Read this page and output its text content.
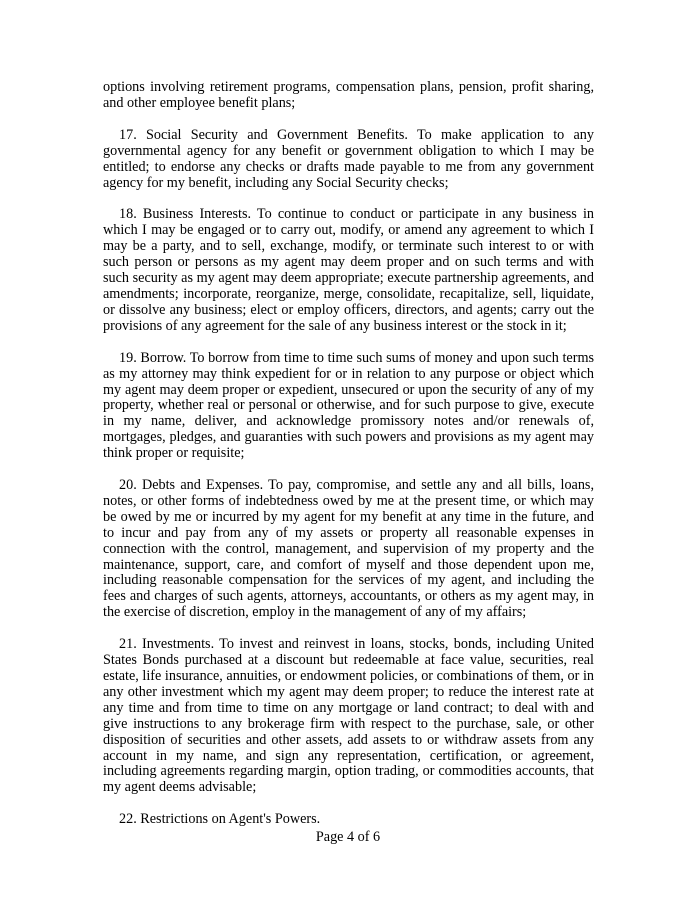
options involving retirement programs, compensation plans, pension, profit sharing, and other employee benefit plans;

17. Social Security and Government Benefits. To make application to any governmental agency for any benefit or government obligation to which I may be entitled; to endorse any checks or drafts made payable to me from any government agency for my benefit, including any Social Security checks;

18. Business Interests. To continue to conduct or participate in any business in which I may be engaged or to carry out, modify, or amend any agreement to which I may be a party, and to sell, exchange, modify, or terminate such interest to or with such person or persons as my agent may deem proper and on such terms and with such security as my agent may deem appropriate; execute partnership agreements, and amendments; incorporate, reorganize, merge, consolidate, recapitalize, sell, liquidate, or dissolve any business; elect or employ officers, directors, and agents; carry out the provisions of any agreement for the sale of any business interest or the stock in it;

19. Borrow. To borrow from time to time such sums of money and upon such terms as my attorney may think expedient for or in relation to any purpose or object which my agent may deem proper or expedient, unsecured or upon the security of any of my property, whether real or personal or otherwise, and for such purpose to give, execute in my name, deliver, and acknowledge promissory notes and/or renewals of, mortgages, pledges, and guaranties with such powers and provisions as my agent may think proper or requisite;

20. Debts and Expenses. To pay, compromise, and settle any and all bills, loans, notes, or other forms of indebtedness owed by me at the present time, or which may be owed by me or incurred by my agent for my benefit at any time in the future, and to incur and pay from any of my assets or property all reasonable expenses in connection with the control, management, and supervision of my property and the maintenance, support, care, and comfort of myself and those dependent upon me, including reasonable compensation for the services of my agent, and including the fees and charges of such agents, attorneys, accountants, or others as my agent may, in the exercise of discretion, employ in the management of any of my affairs;

21. Investments. To invest and reinvest in loans, stocks, bonds, including United States Bonds purchased at a discount but redeemable at face value, securities, real estate, life insurance, annuities, or endowment policies, or combinations of them, or in any other investment which my agent may deem proper; to reduce the interest rate at any time and from time to time on any mortgage or land contract; to deal with and give instructions to any brokerage firm with respect to the purchase, sale, or other disposition of securities and other assets, add assets to or withdraw assets from any account in my name, and sign any representation, certification, or agreement, including agreements regarding margin, option trading, or commodities accounts, that my agent deems advisable;

22. Restrictions on Agent's Powers.

Page 4 of 6
